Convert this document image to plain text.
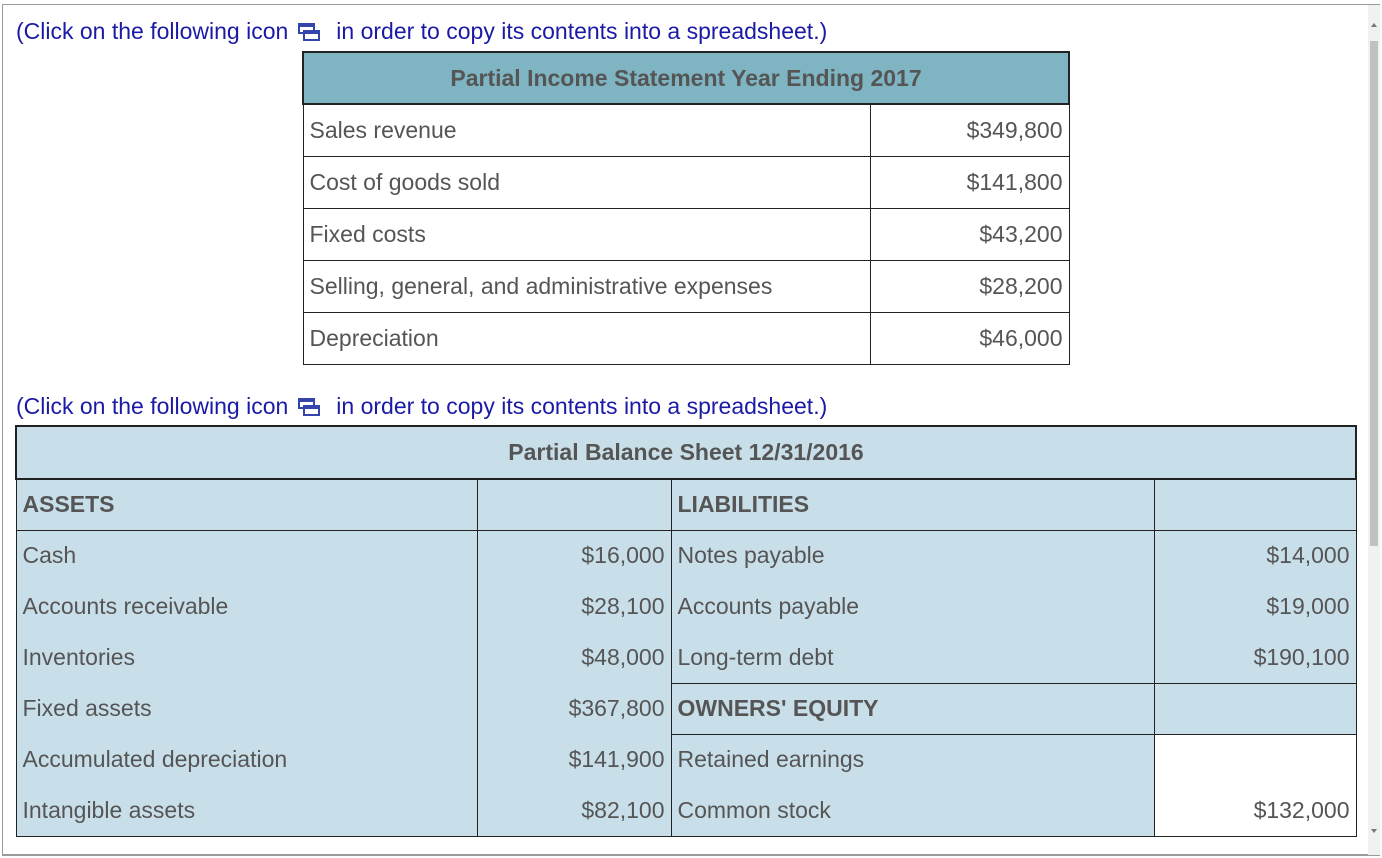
(Click on the following icon in order to copy its contents into a spreadsheet.)
Partial Income Statement Year Ending 2017	
Sales revenue	$349,800
Cost of goods sold	$141,800
Fixed costs	$43,200
Selling, general, and administrative expenses	$28,200
Depreciation	$46,000
(Click on the following icon in order to copy its contents into a spreadsheet.)
Partial Balance Sheet 12/31/2016			
ASSETS		LIABILITIES	
Cash	$16,000	Notes payable	$14,000
Accounts receivable	$28,100	Accounts payable	$19,000
Inventories	$48,000	Long-term debt	$190,100
Fixed assets	$367,800	OWNERS' EQUITY	
Accumulated depreciation	$141,900	Retained earnings	
Intangible assets	$82,100	Common stock	$132,000
